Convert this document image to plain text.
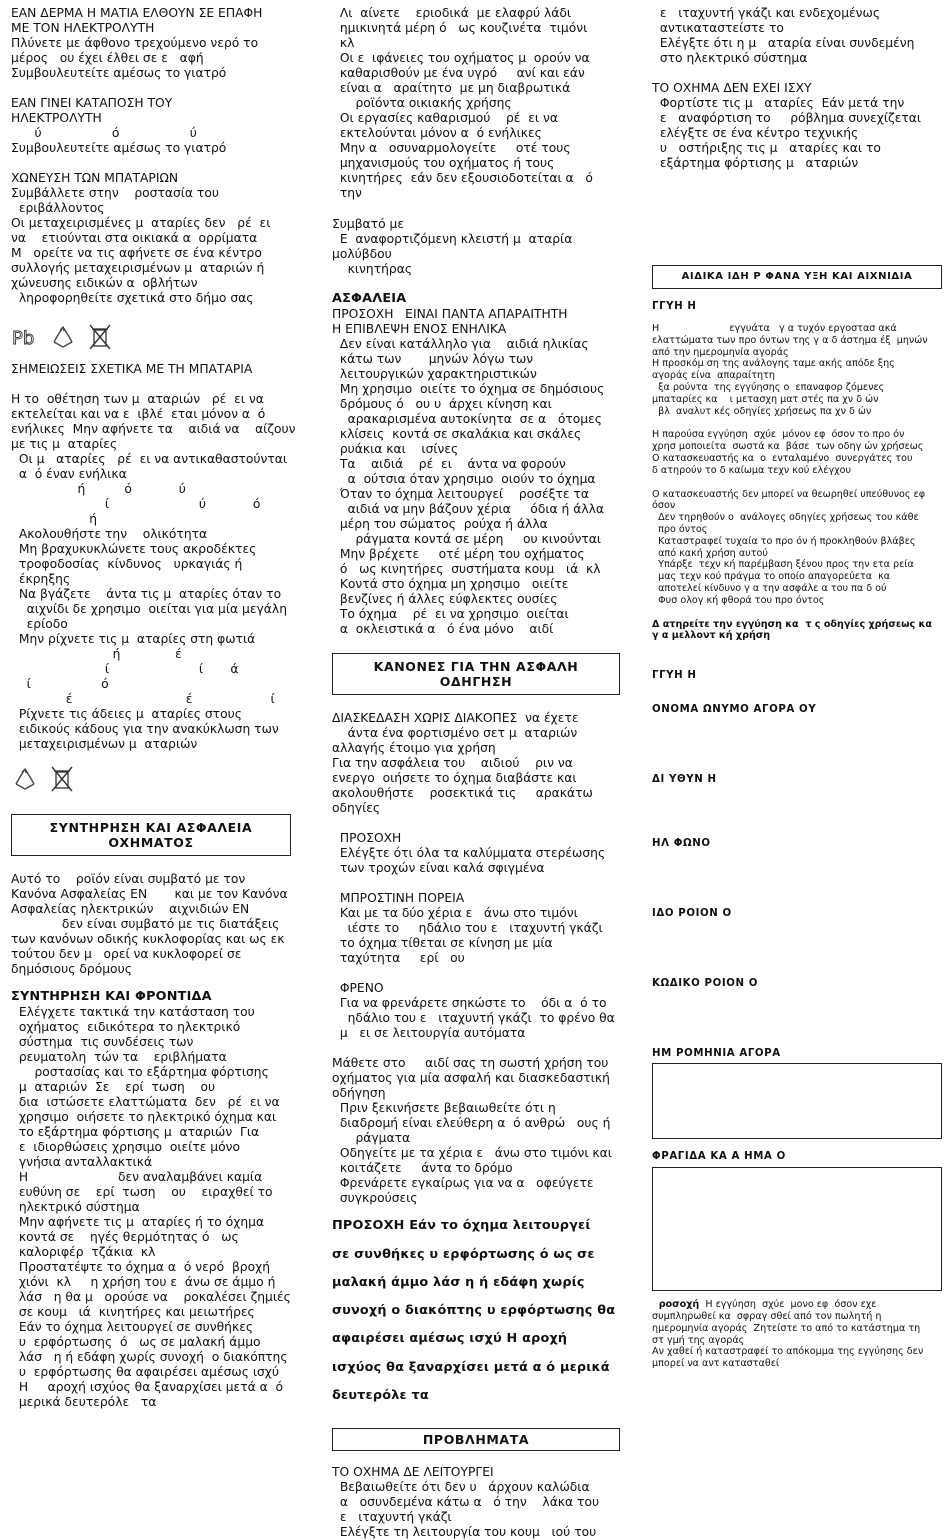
ΕΑΝ ΔΕΡΜΑ Η ΜΑΤΙΑ ΕΛΘΟΥΝ ΣΕ ΕΠΑΦΗ

ΜΕ ΤΟΝ ΗΛΕΚΤΡΟΛΥΤΗ

Πλύνετε με άφθονο τρεχούμενο νερό το

μέρος   ου έχει έλθει σε ε   αφή

Συμβουλευτείτε αμέσως το γιατρό

ΕΑΝ ΓΙΝΕΙ ΚΑΤΑΠΟΣΗ ΤΟΥ

ΗΛΕΚΤΡΟΛΥΤΗ

ύ                  ό                  ύ

Συμβουλευτείτε αμέσως το γιατρό

ΧΩΝΕΥΣΗ ΤΩΝ ΜΠΑΤΑΡΙΩΝ

Συμβάλλετε στην    ροστασία του

εριβάλλοντος

Οι μεταχειρισμένες μ  αταρίες δεν   ρέ  ει

να    ετιούνται στα οικιακά α  ορρίματα

Μ   ορείτε να τις αφήνετε σε ένα κέντρο

συλλογής μεταχειρισμένων μ  αταριών ή

χώνευσης ειδικών α  οβλήτων

ληροφορηθείτε σχετικά στο δήμο σας

Pb

ΣΗΜΕΙΩΣΕΙΣ ΣΧΕΤΙΚΑ ΜΕ ΤΗ ΜΠΑΤΑΡΙΑ

Η το  οθέτηση των μ  αταριών   ρέ  ει να

εκτελείται και να ε  ιβλέ  εται μόνον α  ό

ενήλικες  Μην αφήνετε τα    αιδιά να    αίζουν

με τις μ  αταρίες

Οι μ   αταρίες   ρέ  ει να αντικαθαστούνται

α  ό έναν ενήλικα

ή          ό            ύ

ί                       ύ            ό

ή

Ακολουθήστε την    ολικότητα

Μη βραχυκυκλώνετε τους ακροδέκτες

τροφοδοσίας  κίνδυνος   υρκαγιάς ή

έκρηξης

Να βγάζετε    άντα τις μ  αταρίες όταν το

αιχνίδι δε χρησιμο  οιείται για μία μεγάλη

ερίοδο

Μην ρίχνετε τις μ  αταρίες στη φωτιά

ή              έ

ί                       ί       ά

ί                  ό

έ                             έ                    ί

Ρίχνετε τις άδειες μ  αταρίες στους

ειδικούς κάδους για την ανακύκλωση των

μεταχειρισμένων μ  αταριών

ΣΥΝΤΗΡΗΣΗ ΚΑΙ ΑΣΦΑΛΕΙΑ ΟΧΗΜΑΤΟΣ

Αυτό το    ροϊόν είναι συμβατό με τον

Κανόνα Ασφαλείας ΕΝ       και με τον Κανόνα

Ασφαλείας ηλεκτρικών    αιχνιδιών ΕΝ

δεν είναι συμβατό με τις διατάξεις

των κανόνων οδικής κυκλοφορίας και ως εκ

τούτου δεν μ   ορεί να κυκλοφορεί σε

δημόσιους δρόμους

ΣΥΝΤΗΡΗΣΗ ΚΑΙ ΦΡΟΝΤΙΔΑ

Ελέγχετε τακτικά την κατάσταση του

οχήματος  ειδικότερα το ηλεκτρικό

σύστημα  τις συνδέσεις των

ρευματολη  τών τα    εριβλήματα

ροστασίας και το εξάρτημα φόρτισης

μ  αταριών  Σε    ερί  τωση    ου

δια  ιστώσετε ελαττώματα  δεν   ρέ  ει να

χρησιμο  οιήσετε το ηλεκτρικό όχημα και

το εξάρτημα φόρτισης μ  αταριών  Για

ε  ιδιορθώσεις χρησιμο  οιείτε μόνο

γνήσια ανταλλακτικά

Η                       δεν αναλαμβάνει καμία

ευθύνη σε    ερί  τωση    ου    ειραχθεί το

ηλεκτρικό σύστημα

Μην αφήνετε τις μ  αταρίες ή το όχημα

κοντά σε    ηγές θερμότητας ό   ως

καλοριφέρ  τζάκια  κλ

Προστατέψτε το όχημα α  ό νερό  βροχή

χιόνι  κλ     η χρήση του ε  άνω σε άμμο ή

λάσ   η θα μ   ορούσε να    ροκαλέσει ζημιές

σε κουμ   ιά  κινητήρες και μειωτήρες

Εάν το όχημα λειτουργεί σε συνθήκες

υ  ερφόρτωσης  ό   ως σε μαλακή άμμο

λάσ   η ή εδάφη χωρίς συνοχή  ο διακόπτης

υ  ερφόρτωσης θα αφαιρέσει αμέσως ισχύ

Η     αροχή ισχύος θα ξαναρχίσει μετά α  ό

μερικά δευτερόλε   τα

Λι  αίνετε    εριοδικά  με ελαφρύ λάδι

ημικινητά μέρη ό   ως κουζινέτα  τιμόνι

κλ

Οι ε  ιφάνειες του οχήματος μ  ορούν να

καθαρισθούν με ένα υγρό     ανί και εάν

είναι α   αραίτητο  με μη διαβρωτικά

ροϊόντα οικιακής χρήσης

Οι εργασίες καθαρισμού    ρέ  ει να

εκτελούνται μόνον α  ό ενήλικες

Μην α   οσυναρμολογείτε     οτέ τους

μηχανισμούς του οχήματος ή τους

κινητήρες  εάν δεν εξουσιοδοτείται α   ό

την

Συμβατό με

Ε  αναφορτιζόμενη κλειστή μ  αταρία

μολύβδου

κινητήρας

ΑΣΦΑΛΕΙΑ

ΠΡΟΣΟΧΗ   ΕΙΝΑΙ ΠΑΝΤΑ ΑΠΑΡΑΙΤΗΤΗ

Η ΕΠΙΒΛΕΨΗ ΕΝΟΣ ΕΝΗΛΙΚΑ

Δεν είναι κατάλληλο για    αιδιά ηλικίας

κάτω των       μηνών λόγω των

λειτουργικών χαρακτηριστικών

Μη χρησιμο  οιείτε το όχημα σε δημόσιους

δρόμους ό   ου υ  άρχει κίνηση και

αρακαρισμένα αυτοκίνητα  σε α   ότομες

κλίσεις  κοντά σε σκαλάκια και σκάλες

ρυάκια και    ισίνες

Τα    αιδιά    ρέ  ει    άντα να φορούν

α  ούτσια όταν χρησιμο  οιούν το όχημα

Όταν το όχημα λειτουργεί    ροσέξτε τα

αιδιά να μην βάζουν χέρια     όδια ή άλλα

μέρη του σώματος  ρούχα ή άλλα

ράγματα κοντά σε μέρη     ου κινούνται

Μην βρέχετε     οτέ μέρη του οχήματος

ό   ως κινητήρες  συστήματα κουμ   ιά  κλ

Κοντά στο όχημα μη χρησιμο   οιείτε

βενζίνες ή άλλες εύφλεκτες ουσίες

Το όχημα    ρέ  ει να χρησιμο  οιείται

α  οκλειστικά α   ό ένα μόνο    αιδί

ΚΑΝΟΝΕΣ ΓΙΑ ΤΗΝ ΑΣΦΑΛΗ ΟΔΗΓΗΣΗ

ΔΙΑΣΚΕΔΑΣΗ ΧΩΡΙΣ ΔΙΑΚΟΠΕΣ  να έχετε

άντα ένα φορτισμένο σετ μ  αταριών

αλλαγής έτοιμο για χρήση

Για την ασφάλεια του    αιδιού    ριν να

ενεργο  οιήσετε το όχημα διαβάστε και

ακολουθήστε    ροσεκτικά τις     αρακάτω

οδηγίες

ΠΡΟΣΟΧΗ

Ελέγξτε ότι όλα τα καλύμματα στερέωσης

των τροχών είναι καλά σφιγμένα

ΜΠΡΟΣΤΙΝΗ ΠΟΡΕΙΑ

Και με τα δύο χέρια ε   άνω στο τιμόνι

ιέστε το     ηδάλιο του ε   ιταχυντή γκάζι

το όχημα τίθεται σε κίνηση με μία

ταχύτητα     ερί   ου

ΦΡΕΝΟ

Για να φρενάρετε σηκώστε το    όδι α  ό το

ηδάλιο του ε   ιταχυντή γκάζι  το φρένο θα

μ   ει σε λειτουργία αυτόματα

Μάθετε στο     αιδί σας τη σωστή χρήση του

οχήματος για μία ασφαλή και διασκεδαστική

οδήγηση

Πριν ξεκινήσετε βεβαιωθείτε ότι η

διαδρομή είναι ελεύθερη α  ό ανθρώ   ους ή

ράγματα

Οδηγείτε με τα χέρια ε   άνω στο τιμόνι και

κοιτάζετε     άντα το δρόμο

Φρενάρετε εγκαίρως για να α   οφεύγετε

συγκρούσεις

ΠΡΟΣΟΧΗ Εάν το όχημα λειτουργεί

σε συνθήκες υ ερφόρτωσης ό ως σε

μαλακή άμμο λάσ η ή εδάφη χωρίς

συνοχή ο διακόπτης υ ερφόρτωσης θα

αφαιρέσει αμέσως ισχύ Η αροχή

ισχύος θα ξαναρχίσει μετά α ό μερικά

δευτερόλε τα

ΠΡΟΒΛΗΜΑΤΑ

ΤΟ ΟΧΗΜΑ ΔΕ ΛΕΙΤΟΥΡΓΕΙ

Βεβαιωθείτε ότι δεν υ   άρχουν καλώδια

α   οσυνδεμένα κάτω α   ό την    λάκα του

ε   ιταχυντή γκάζι

Ελέγξτε τη λειτουργία του κουμ   ιού του

ε   ιταχυντή γκάζι και ενδεχομένως

αντικαταστείστε το

Ελέγξτε ότι η μ   αταρία είναι συνδεμένη

στο ηλεκτρικό σύστημα

ΤΟ ΟΧΗΜΑ ΔΕΝ ΕΧΕΙ ΙΣΧΥ

Φορτίστε τις μ   αταρίες  Εάν μετά την

ε   αναφόρτιση το     ρόβλημα συνεχίζεται

ελέγξτε σε ένα κέντρο τεχνικής

υ   οστήριξης τις μ   αταρίες και το

εξάρτημα φόρτισης μ   αταριών

ΑΙΔΙΚΑ ΙΔΗ Ρ ΦΑΝΑ ΥΞΗ ΚΑΙ ΑΙΧΝΙΔΙΑ
ΓΓΥΗ Η

Η                       εγγυάτα   γ α τυχόν εργοστασ ακά

ελαττώματα των προ όντων της γ α δ άστημα έξ  μηνών

από την ημερομηνία αγοράς

Η προσκόμ ση της ανάλογης ταμε ακής απόδε ξης

αγοράς είνα  απαραίτητη

ξα ρούντα  της εγγύησης ο  επαναφορ ζόμενες

μπαταρίες κα    ι μετασχη ματ στές πα χν δ ών

βλ  αναλυτ κές οδηγίες χρήσεως πα χν δ ών

Η παρούσα εγγύηση  σχύε  μόνον εφ  όσον το προ όν

χρησ μοποιείτα  σωστά κα  βάσε  των οδηγ ών χρήσεως

Ο κατασκευαστής κα  ο  ενταλαμένο  συνεργάτες του

δ ατηρούν το δ καίωμα τεχν κού ελέγχου

Ο κατασκευαστής δεν μπορεί να θεωρηθεί υπεύθυνος εφ

όσον

Δεν τηρηθούν ο  ανάλογες οδηγίες χρήσεως του κάθε

προ όντος

Καταστραφεί τυχαία το προ όν ή προκληθούν βλάβες

από κακή χρήση αυτού

Υπάρξε  τεχν κή παρέμβαση ξένου προς την ετα ρεία

μας τεχν κού πράγμα το οποίο απαγορεύετα  κα

αποτελεί κίνδυνο γ α την ασφάλε α του πα δ ού

Φυσ ολογ κή φθορά του προ όντος

Δ ατηρείτε την εγγύηση κα  τ ς οδηγίες χρήσεως κα

γ α μελλοντ κή χρήση

ΓΓΥΗ Η
ΟΝΟΜΑ ΩΝΥΜΟ ΑΓΟΡΑ ΟΥ
ΔΙ ΥΘΥΝ Η
ΗΛ ΦΩΝΟ
ΙΔΟ ΡΟΙΟΝ Ο
ΚΩΔΙΚΟ ΡΟΙΟΝ Ο
ΗΜ ΡΟΜΗΝΙΑ ΑΓΟΡΑ
ΦΡΑΓΙΔΑ ΚΑ Α ΗΜΑ Ο

ροσοχή  Η εγγύηση  σχύε  μονο εφ  όσον εχε

συμπληρωθεί κα  σφραγ σθεί από τον πωλητή η

ημερομηνία αγοράς  Ζητείστε το από το κατάστημα τη

στ γμή της αγοράς

Αν χαθεί ή καταστραφεί το απόκομμα της εγγύησης δεν

μπορεί να αντ κατασταθεί
